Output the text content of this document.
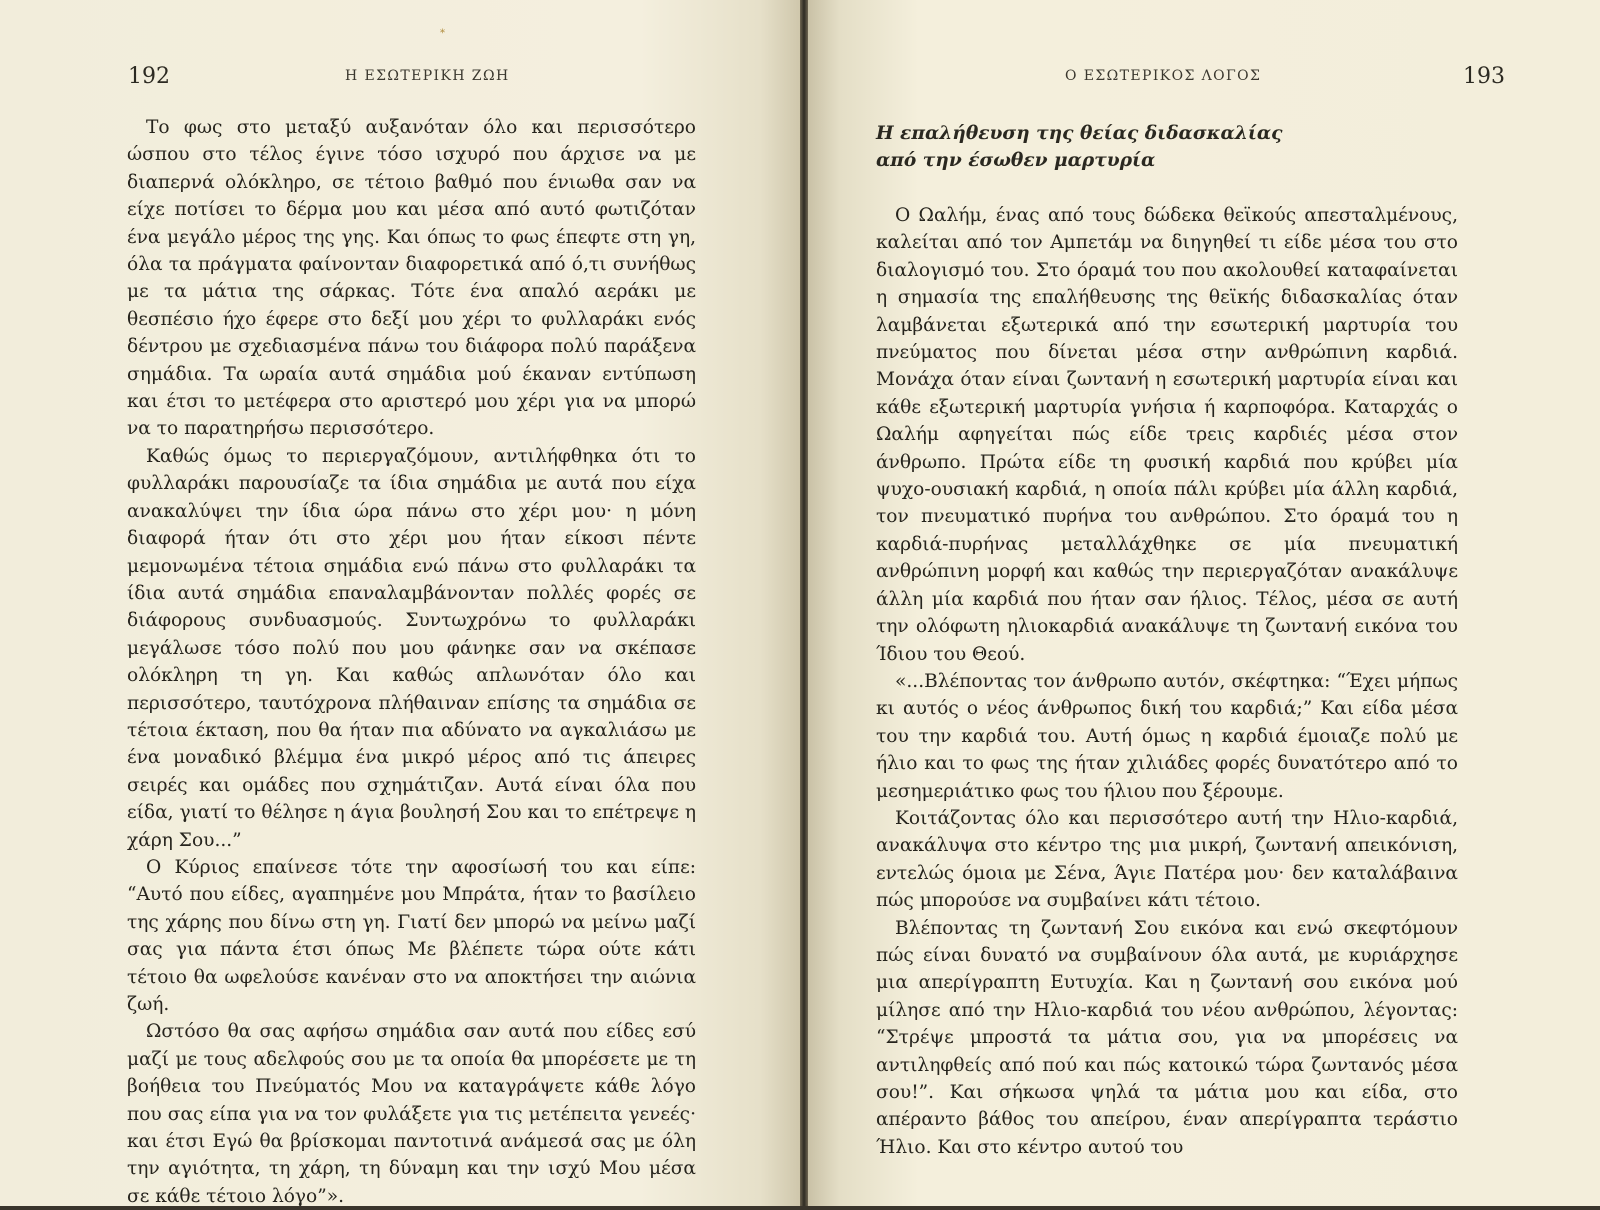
*
192	Η ΕΣΩΤΕΡΙΚΗ ΖΩΗ

Το φως στο μεταξύ αυξανόταν όλο και περισσότερο ώσπου στο τέλος έγινε τόσο ισχυρό που άρχισε να με διαπερνά ολόκληρο, σε τέτοιο βαθμό που ένιωθα σαν να είχε ποτίσει το δέρμα μου και μέσα από αυτό φωτιζόταν ένα μεγάλο μέρος της γης. Και όπως το φως έπεφτε στη γη, όλα τα πράγματα φαίνονταν διαφορετικά από ό,τι συνήθως με τα μάτια της σάρκας. Τότε ένα απαλό αεράκι με θεσπέσιο ήχο έφερε στο δεξί μου χέρι το φυλλαράκι ενός δέντρου με σχεδιασμένα πάνω του διάφορα πολύ παράξενα σημάδια. Τα ωραία αυτά σημάδια μού έκαναν εντύπωση και έτσι το μετέφερα στο αριστερό μου χέρι για να μπορώ να το παρατηρήσω περισσότερο.

Καθώς όμως το περιεργαζόμουν, αντιλήφθηκα ότι το φυλλαράκι παρουσίαζε τα ίδια σημάδια με αυτά που είχα ανακαλύψει την ίδια ώρα πάνω στο χέρι μου· η μόνη διαφορά ήταν ότι στο χέρι μου ήταν είκοσι πέντε μεμονωμένα τέτοια σημάδια ενώ πάνω στο φυλλαράκι τα ίδια αυτά σημάδια επαναλαμβάνονταν πολλές φορές σε διάφορους συνδυασμούς. Συντωχρόνω το φυλλαράκι μεγάλωσε τόσο πολύ που μου φάνηκε σαν να σκέπασε ολόκληρη τη γη. Και καθώς απλωνόταν όλο και περισσότερο, ταυτόχρονα πλήθαιναν επίσης τα σημάδια σε τέτοια έκταση, που θα ήταν πια αδύνατο να αγκαλιάσω με ένα μοναδικό βλέμμα ένα μικρό μέρος από τις άπειρες σειρές και ομάδες που σχημάτιζαν. Αυτά είναι όλα που είδα, γιατί το θέλησε η άγια βουλησή Σου και το επέτρεψε η χάρη Σου...”

Ο Κύριος επαίνεσε τότε την αφοσίωσή του και είπε: “Αυτό που είδες, αγαπημένε μου Μπράτα, ήταν το βασίλειο της χάρης που δίνω στη γη. Γιατί δεν μπορώ να μείνω μαζί σας για πάντα έτσι όπως Με βλέπετε τώρα ούτε κάτι τέτοιο θα ωφελούσε κανέναν στο να αποκτήσει την αιώνια ζωή.

Ωστόσο θα σας αφήσω σημάδια σαν αυτά που είδες εσύ μαζί με τους αδελφούς σου με τα οποία θα μπορέσετε με τη βοήθεια του Πνεύματός Μου να καταγράψετε κάθε λόγο που σας είπα για να τον φυλάξετε για τις μετέπειτα γενεές· και έτσι Εγώ θα βρίσκομαι παντοτινά ανάμεσά σας με όλη την αγιότητα, τη χάρη, τη δύναμη και την ισχύ Μου μέσα σε κάθε τέτοιο λόγο”».

Ο ΕΣΩΤΕΡΙΚΟΣ ΛΟΓΟΣ	193
Η επαλήθευση της θείας διδασκαλίας
από την έσωθεν μαρτυρία

Ο Ωαλήμ, ένας από τους δώδεκα θεϊκούς απεσταλμένους, καλείται από τον Αμπετάμ να διηγηθεί τι είδε μέσα του στο διαλογισμό του. Στο όραμά του που ακολουθεί καταφαίνεται η σημασία της επαλήθευσης της θεϊκής διδασκαλίας όταν λαμβάνεται εξωτερικά από την εσωτερική μαρτυρία του πνεύματος που δίνεται μέσα στην ανθρώπινη καρδιά. Μονάχα όταν είναι ζωντανή η εσωτερική μαρτυρία είναι και κάθε εξωτερική μαρτυρία γνήσια ή καρποφόρα. Καταρχάς ο Ωαλήμ αφηγείται πώς είδε τρεις καρδιές μέσα στον άνθρωπο. Πρώτα είδε τη φυσική καρδιά που κρύβει μία ψυχο-ουσιακή καρδιά, η οποία πάλι κρύβει μία άλλη καρδιά, τον πνευματικό πυρήνα του ανθρώπου. Στο όραμά του η καρδιά-πυρήνας μεταλλάχθηκε σε μία πνευματική ανθρώπινη μορφή και καθώς την περιεργαζόταν ανακάλυψε άλλη μία καρδιά που ήταν σαν ήλιος. Τέλος, μέσα σε αυτή την ολόφωτη ηλιοκαρδιά ανακάλυψε τη ζωντανή εικόνα του Ίδιου του Θεού.

«...Βλέποντας τον άνθρωπο αυτόν, σκέφτηκα: “Έχει μήπως κι αυτός ο νέος άνθρωπος δική του καρδιά;” Και είδα μέσα του την καρδιά του. Αυτή όμως η καρδιά έμοιαζε πολύ με ήλιο και το φως της ήταν χιλιάδες φορές δυνατότερο από το μεσημεριάτικο φως του ήλιου που ξέρουμε.

Κοιτάζοντας όλο και περισσότερο αυτή την Ηλιο-καρδιά, ανακάλυψα στο κέντρο της μια μικρή, ζωντανή απεικόνιση, εντελώς όμοια με Σένα, Άγιε Πατέρα μου· δεν καταλάβαινα πώς μπορούσε να συμβαίνει κάτι τέτοιο.

Βλέποντας τη ζωντανή Σου εικόνα και ενώ σκεφτόμουν πώς είναι δυνατό να συμβαίνουν όλα αυτά, με κυριάρχησε μια απερίγραπτη Ευτυχία. Και η ζωντανή σου εικόνα μού μίλησε από την Ηλιο-καρδιά του νέου ανθρώπου, λέγοντας: “Στρέψε μπροστά τα μάτια σου, για να μπορέσεις να αντιληφθείς από πού και πώς κατοικώ τώρα ζωντανός μέσα σου!”. Και σήκωσα ψηλά τα μάτια μου και είδα, στο απέραντο βάθος του απείρου, έναν απερίγραπτα τεράστιο Ήλιο. Και στο κέντρο αυτού του
